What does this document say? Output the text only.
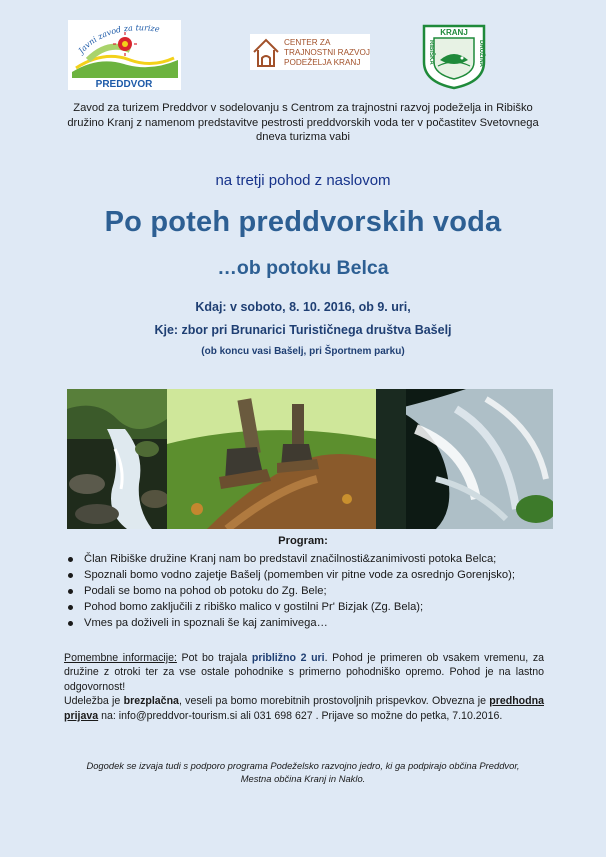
Javni zavod za turize
PREDDVOR
CENTER ZA
TRAJNOSTNI RAZVOJ
PODEŽELJA KRANJ
KRANJ
RIBIŠKA	DRUŽINA
Zavod za turizem Preddvor v sodelovanju s Centrom za trajnostni razvoj podeželja in Ribiško družino Kranj z namenom predstavitve pestrosti preddvorskih voda ter v počastitev Svetovnega dneva turizma vabi
na tretji pohod z naslovom
Po poteh preddvorskih voda
…ob potoku Belca
Kdaj: v soboto, 8. 10. 2016, ob 9. uri,
Kje: zbor pri Brunarici Turističnega društva Bašelj
(ob koncu vasi Bašelj, pri Športnem parku)
Program:
Član Ribiške družine Kranj nam bo predstavil značilnosti&zanimivosti potoka Belca;
Spoznali bomo vodno zajetje Bašelj (pomemben vir pitne vode za osrednjo Gorenjsko);
Podali se bomo na pohod ob potoku do Zg. Bele;
Pohod bomo zaključili z ribiško malico v gostilni Pr' Bizjak (Zg. Bela);
Vmes pa doživeli in spoznali še kaj zanimivega…

Pomembne informacije: Pot bo trajala približno 2 uri. Pohod je primeren ob vsakem vremenu, za družine z otroki ter za vse ostale pohodnike s primerno pohodniško opremo. Pohod je na lastno odgovornost!

Udeležba je brezplačna, veseli pa bomo morebitnih prostovoljnih prispevkov. Obvezna je predhodna prijava na: info@preddvor-tourism.si ali 031 698 627 . Prijave so možne do petka, 7.10.2016.

Dogodek se izvaja tudi s podporo programa Podeželsko razvojno jedro, ki ga podpirajo občina Preddvor,
Mestna občina Kranj in Naklo.
